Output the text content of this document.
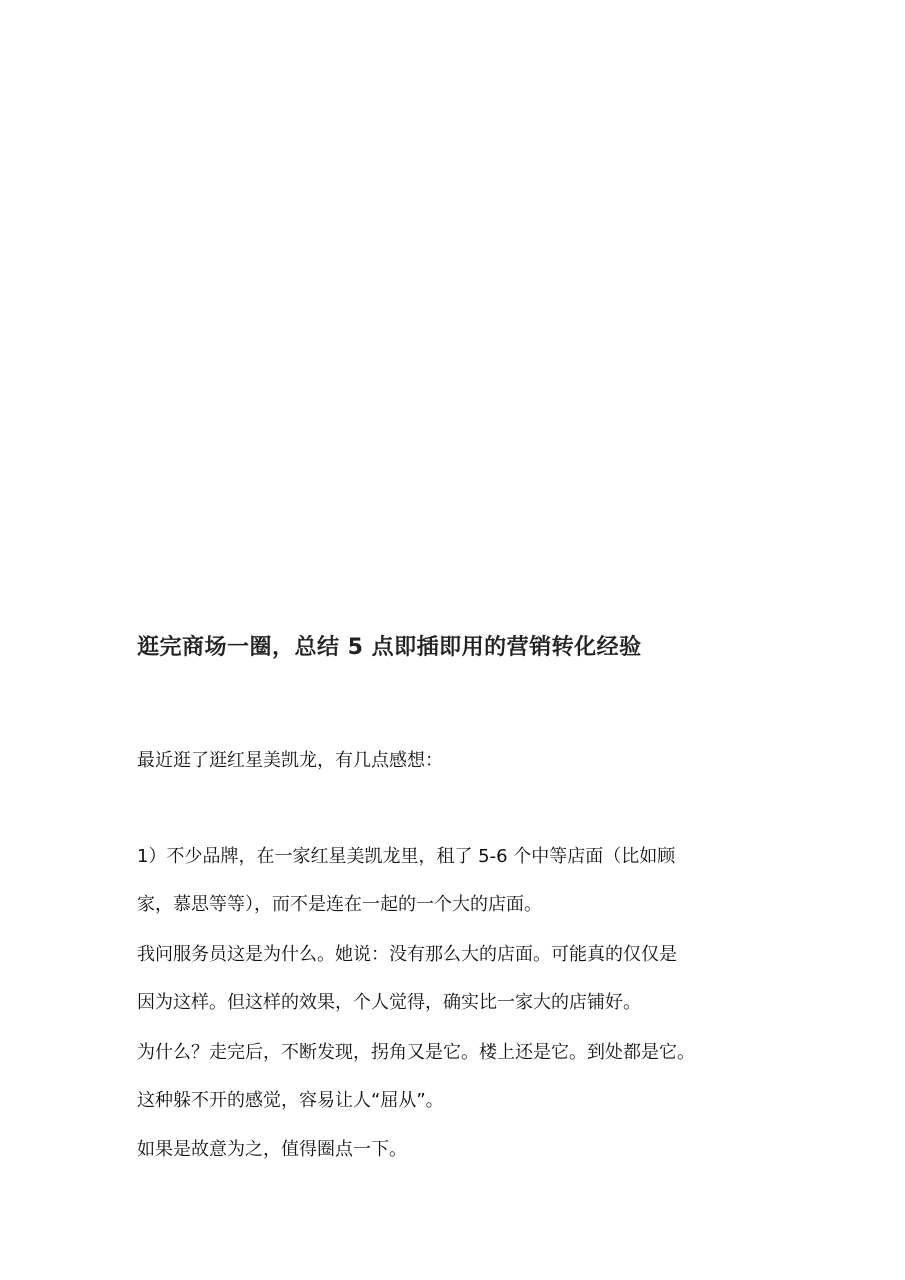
逛完商场一圈，总结 5 点即插即用的营销转化经验
最近逛了逛红星美凯龙，有几点感想：
1）不少品牌，在一家红星美凯龙里，租了 5-6 个中等店面（比如顾
家，慕思等等），而不是连在一起的一个大的店面。
我问服务员这是为什么。她说：没有那么大的店面。可能真的仅仅是
因为这样。但这样的效果，个人觉得，确实比一家大的店铺好。
为什么？走完后，不断发现，拐角又是它。楼上还是它。到处都是它。
这种躲不开的感觉，容易让人“屈从”。
如果是故意为之，值得圈点一下。
